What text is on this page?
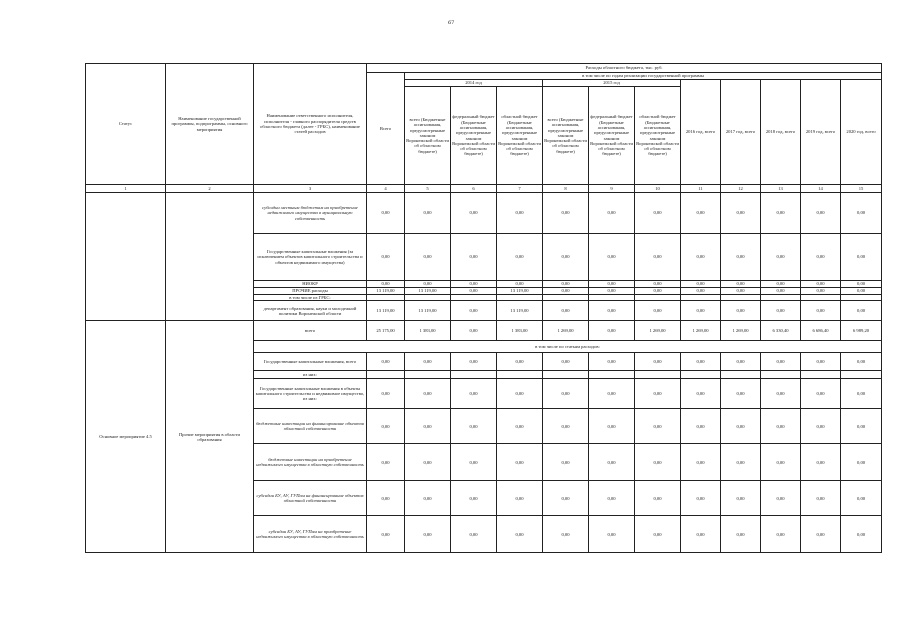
67
Статус	Наименование государственной программы, подпрограммы, основного мероприятия	Наименование ответственного исполнителя, исполнителя - главного распорядителя средств областного бюджета (далее - ГРБС), наименование статей расходов	Расходы областного бюджета, тыс. руб.											
			Всего	в том числе по годам реализации государственной программы										
				2014 год			2015 год			2016 год, всего	2017 год, всего	2018 год, всего	2019 год, всего	2020 год, всего
				всего (Бюджетные ассигнования, предусмотренные законом Воронежской области об областном бюджете)	федеральный бюджет (Бюджетные ассигнования, предусмотренные законом Воронежской области об областном бюджете)	областной бюджет (Бюджетные ассигнования, предусмотренные законом Воронежской области об областном бюджете)	всего (Бюджетные ассигнования, предусмотренные законом Воронежской области об областном бюджете)	федеральный бюджет (Бюджетные ассигнования, предусмотренные законом Воронежской области об областном бюджете)	областной бюджет (Бюджетные ассигнования, предусмотренные законом Воронежской области об областном бюджете)					
1	2	3	4	5	6	7	8	9	10	11	12	13	14	15
		субсидии местным бюджетам на приобретение недвижимого имущества в муниципальную собственность	0,00	0,00	0,00	0,00	0,00	0,00	0,00	0,00	0,00	0,00	0,00	0,00
		Государственные капитальные вложения (за исключением объектов капитального строительства и объектов недвижимого имущества)	0,00	0,00	0,00	0,00	0,00	0,00	0,00	0,00	0,00	0,00	0,00	0,00
		НИОКР	0,00	0,00	0,00	0,00	0,00	0,00	0,00	0,00	0,00	0,00	0,00	0,00
		ПРОЧИЕ расходы	13 119,00	13 119,00	0,00	13 119,00	0,00	0,00	0,00	0,00	0,00	0,00	0,00	0,00
		в том числе из ГРБС:												
		департамент образования, науки и молодежной политики Воронежской области	13 119,00	13 119,00	0,00	13 119,00	0,00	0,00	0,00	0,00	0,00	0,00	0,00	0,00
Основное мероприятие 4.5	Прочие мероприятия в области образования	всего	25 175,00	1 383,00	0,00	1 383,00	1 269,00	0,00	1 269,00	1 269,00	1 269,00	6 330,40	6 686,40	6 989,20
		в том числе по статьям расходов:												
		Государственные капитальные вложения, всего	0,00	0,00	0,00	0,00	0,00	0,00	0,00	0,00	0,00	0,00	0,00	0,00
		из них:												
		Государственные капитальные вложения в объекты капитального строительства и недвижимое имущество, из них:	0,00	0,00	0,00	0,00	0,00	0,00	0,00	0,00	0,00	0,00	0,00	0,00
		бюджетные инвестиции на финансирование объектов областной собственности	0,00	0,00	0,00	0,00	0,00	0,00	0,00	0,00	0,00	0,00	0,00	0,00
		бюджетные инвестиции на приобретение недвижимого имущества в областную собственность	0,00	0,00	0,00	0,00	0,00	0,00	0,00	0,00	0,00	0,00	0,00	0,00
		субсидии БУ, АУ, ГУПам на финансирование объектов областной собственности	0,00	0,00	0,00	0,00	0,00	0,00	0,00	0,00	0,00	0,00	0,00	0,00
		субсидии БУ, АУ, ГУПам на приобретение недвижимого имущества в областную собственность	0,00	0,00	0,00	0,00	0,00	0,00	0,00	0,00	0,00	0,00	0,00	0,00
